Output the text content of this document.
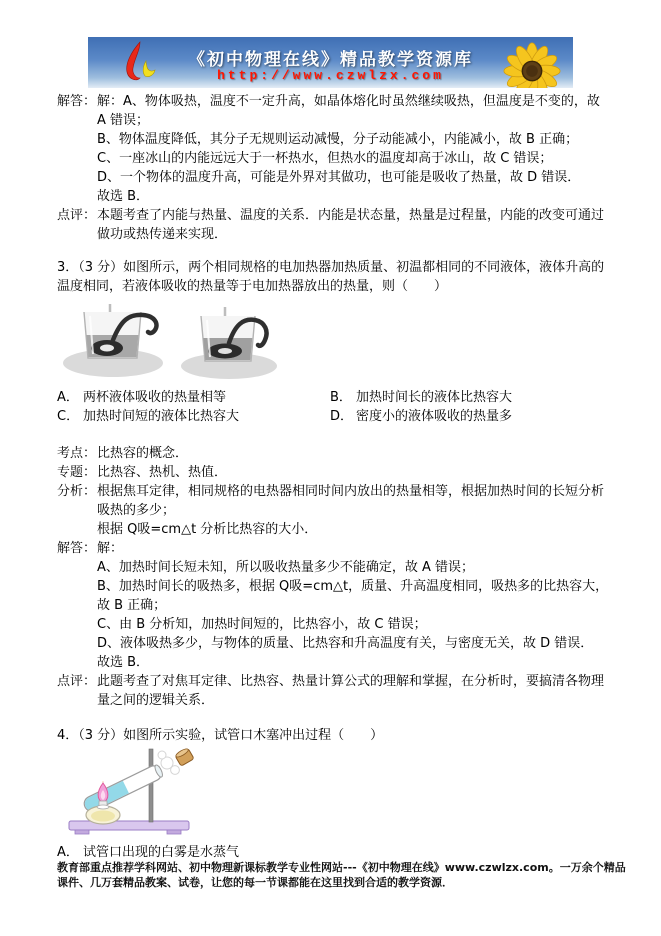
《初中物理在线》精品教学资源库
http://www.czwlzx.com
解答： 解：A、物体吸热，温度不一定升高，如晶体熔化时虽然继续吸热，但温度是不变的，故 A 错误；
B、物体温度降低，其分子无规则运动减慢，分子动能减小，内能减小，故 B 正确；
C、一座冰山的内能远远大于一杯热水，但热水的温度却高于冰山，故 C 错误；
D、一个物体的温度升高，可能是外界对其做功，也可能是吸收了热量，故 D 错误．
故选 B．
点评： 本题考查了内能与热量、温度的关系．内能是状态量，热量是过程量，内能的改变可通过做功或热传递来实现．
3．（3 分）如图所示，两个相同规格的电加热器加热质量、初温都相同的不同液体，液体升高的温度相同，若液体吸收的热量等于电加热器放出的热量，则（　　）
A． 两杯液体吸收的热量相等	B． 加热时间长的液体比热容大
C． 加热时间短的液体比热容大	D． 密度小的液体吸收的热量多
考点： 比热容的概念．
专题： 比热容、热机、热值．
分析： 根据焦耳定律，相同规格的电热器相同时间内放出的热量相等，根据加热时间的长短分析吸热的多少；
根据 Q吸=cm△t 分析比热容的大小．
解答： 解：
A、加热时间长短未知，所以吸收热量多少不能确定，故 A 错误；
B、加热时间长的吸热多，根据 Q吸=cm△t，质量、升高温度相同，吸热多的比热容大，故 B 正确；
C、由 B 分析知，加热时间短的，比热容小，故 C 错误；
D、液体吸热多少，与物体的质量、比热容和升高温度有关，与密度无关，故 D 错误．
故选 B．
点评： 此题考查了对焦耳定律、比热容、热量计算公式的理解和掌握，在分析时，要搞清各物理量之间的逻辑关系．
4．（3 分）如图所示实验，试管口木塞冲出过程（　　）
A． 试管口出现的白雾是水蒸气
教育部重点推荐学科网站、初中物理新课标教学专业性网站---《初中物理在线》www.czwlzx.com。一万余个精品课件、几万套精品教案、试卷，让您的每一节课都能在这里找到合适的教学资源．
